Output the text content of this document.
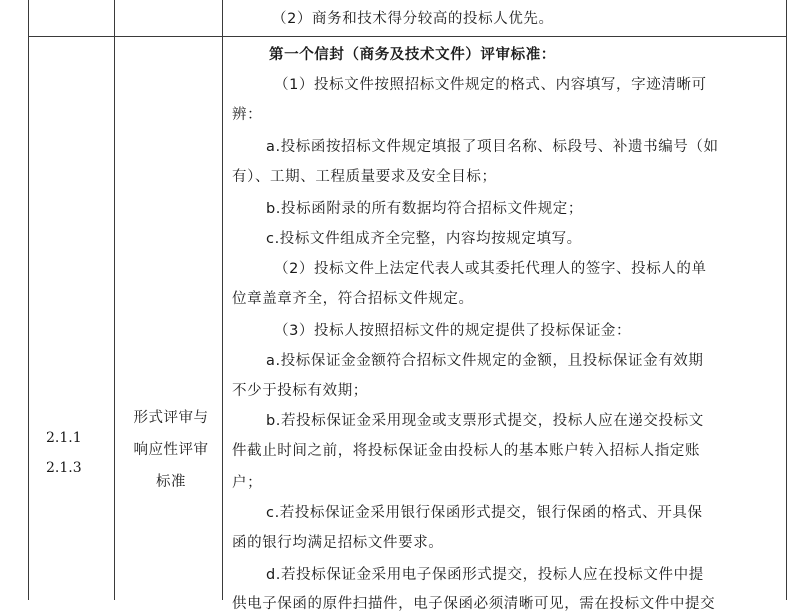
（2）商务和技术得分较高的投标人优先。
2.1.1
2.1.3
形式评审与
响应性评审
标准
第一个信封（商务及技术文件）评审标准：
（1）投标文件按照招标文件规定的格式、内容填写，字迹清晰可
辨：
a.投标函按招标文件规定填报了项目名称、标段号、补遗书编号（如
有）、工期、工程质量要求及安全目标；
b.投标函附录的所有数据均符合招标文件规定；
c.投标文件组成齐全完整，内容均按规定填写。
（2）投标文件上法定代表人或其委托代理人的签字、投标人的单
位章盖章齐全，符合招标文件规定。
（3）投标人按照招标文件的规定提供了投标保证金：
a.投标保证金金额符合招标文件规定的金额，且投标保证金有效期
不少于投标有效期；
b.若投标保证金采用现金或支票形式提交，投标人应在递交投标文
件截止时间之前，将投标保证金由投标人的基本账户转入招标人指定账
户；
c.若投标保证金采用银行保函形式提交，银行保函的格式、开具保
函的银行均满足招标文件要求。
d.若投标保证金采用电子保函形式提交，投标人应在投标文件中提
供电子保函的原件扫描件，电子保函必须清晰可见，需在投标文件中提交
